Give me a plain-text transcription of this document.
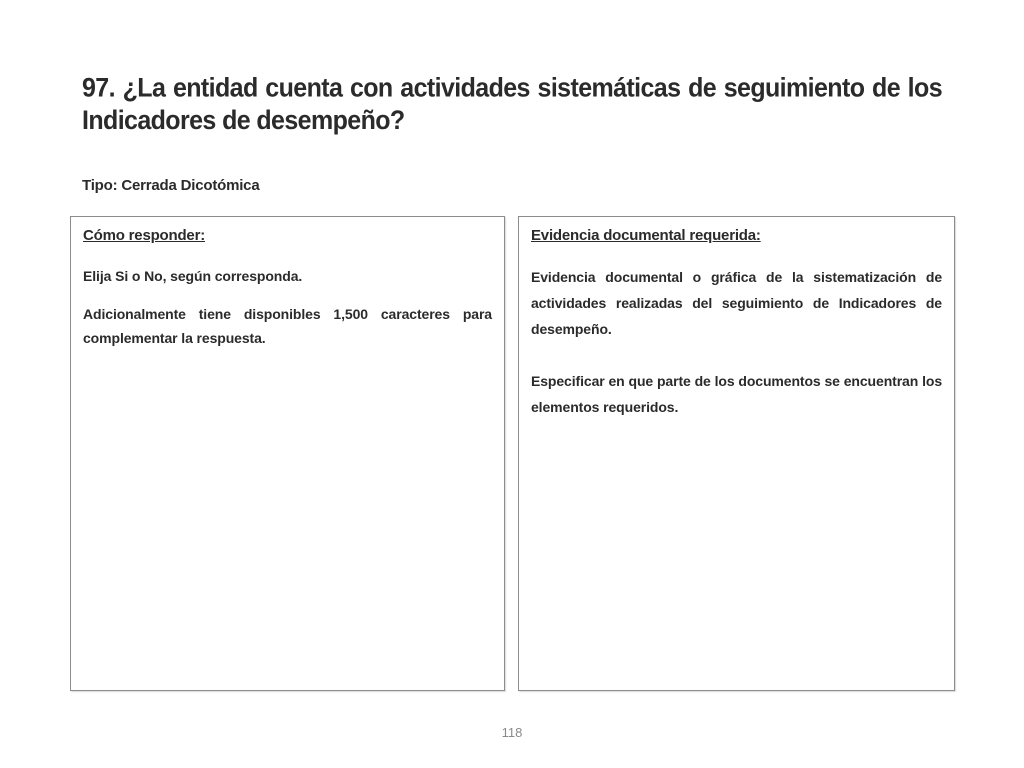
97. ¿La entidad cuenta con actividades sistemáticas de seguimiento de los Indicadores de desempeño?

Tipo: Cerrada Dicotómica

Cómo responder:

Elija Si o No, según corresponda.

Adicionalmente tiene disponibles 1,500 caracteres para complementar la respuesta.

Evidencia documental requerida:

Evidencia documental o gráfica de la sistematización de actividades realizadas del seguimiento de Indicadores de desempeño.

Especificar en que parte de los documentos se encuentran los elementos requeridos.

118
